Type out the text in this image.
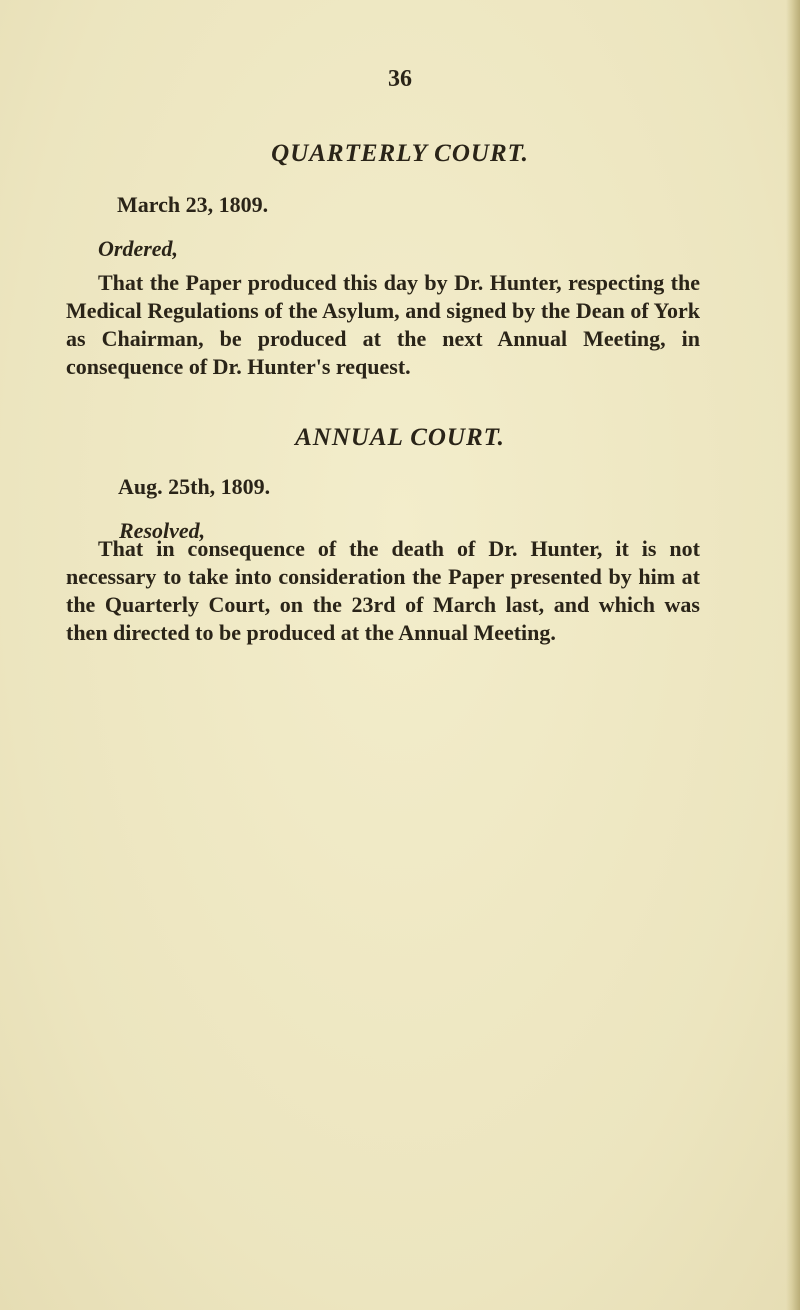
36
QUARTERLY COURT.
March 23, 1809.
Ordered,
That the Paper produced this day by Dr. Hunter, respecting the Medical Regulations of the Asylum, and signed by the Dean of York as Chairman, be produced at the next Annual Meeting, in consequence of Dr. Hunter's request.
ANNUAL COURT.
Aug. 25th, 1809.
Resolved,
That in consequence of the death of Dr. Hunter, it is not necessary to take into consideration the Paper presented by him at the Quarterly Court, on the 23rd of March last, and which was then directed to be produced at the Annual Meeting.
